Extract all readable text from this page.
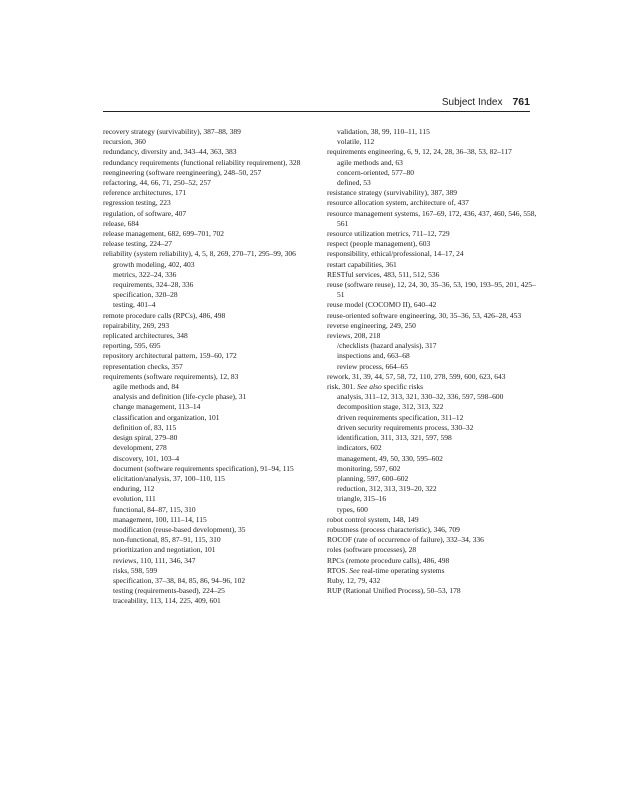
Subject Index 761

recovery strategy (survivability), 387–88, 389

recursion, 360

redundancy, diversity and, 343–44, 363, 383

redundancy requirements (functional reliability requirement), 328

reengineering (software reengineering), 248–50, 257

refactoring, 44, 66, 71, 250–52, 257

reference architectures, 171

regression testing, 223

regulation, of software, 407

release, 684

release management, 682, 699–701, 702

release testing, 224–27

reliability (system reliability), 4, 5, 8, 269, 270–71, 295–99, 306

growth modeling, 402, 403

metrics, 322–24, 336

requirements, 324–28, 336

specification, 320–28

testing, 401–4

remote procedure calls (RPCs), 486, 498

repairability, 269, 293

replicated architectures, 348

reporting, 595, 695

repository architectural pattern, 159–60, 172

representation checks, 357

requirements (software requirements), 12, 83

agile methods and, 84

analysis and definition (life-cycle phase), 31

change management, 113–14

classification and organization, 101

definition of, 83, 115

design spiral, 279–80

development, 278

discovery, 101, 103–4

document (software requirements specification), 91–94, 115

elicitation/analysis, 37, 100–110, 115

enduring, 112

evolution, 111

functional, 84–87, 115, 310

management, 100, 111–14, 115

modification (reuse-based development), 35

non-functional, 85, 87–91, 115, 310

prioritization and negotiation, 101

reviews, 110, 111, 346, 347

risks, 598, 599

specification, 37–38, 84, 85, 86, 94–96, 102

testing (requirements-based), 224–25

traceability, 113, 114, 225, 409, 601

validation, 38, 99, 110–11, 115

volatile, 112

requirements engineering, 6, 9, 12, 24, 28, 36–38, 53, 82–117

agile methods and, 63

concern-oriented, 577–80

defined, 53

resistance strategy (survivability), 387, 389

resource allocation system, architecture of, 437

resource management systems, 167–69, 172, 436, 437, 460, 546, 558, 561

resource utilization metrics, 711–12, 729

respect (people management), 603

responsibility, ethical/professional, 14–17, 24

restart capabilities, 361

RESTful services, 483, 511, 512, 536

reuse (software reuse), 12, 24, 30, 35–36, 53, 190, 193–95, 201, 425–51

reuse model (COCOMO II), 640–42

reuse-oriented software engineering, 30, 35–36, 53, 426–28, 453

reverse engineering, 249, 250

reviews, 208, 218

/checklists (hazard analysis), 317

inspections and, 663–68

review process, 664–65

rework, 31, 39, 44, 57, 58, 72, 110, 278, 599, 600, 623, 643

risk, 301. See also specific risks

analysis, 311–12, 313, 321, 330–32, 336, 597, 598–600

decomposition stage, 312, 313, 322

driven requirements specification, 311–12

driven security requirements process, 330–32

identification, 311, 313, 321, 597, 598

indicators, 602

management, 49, 50, 330, 595–602

monitoring, 597, 602

planning, 597, 600–602

reduction, 312, 313, 319–20, 322

triangle, 315–16

types, 600

robot control system, 148, 149

robustness (process characteristic), 346, 709

ROCOF (rate of occurrence of failure), 332–34, 336

roles (software processes), 28

RPCs (remote procedure calls), 486, 498

RTOS. See real-time operating systems

Ruby, 12, 79, 432

RUP (Rational Unified Process), 50–53, 178
